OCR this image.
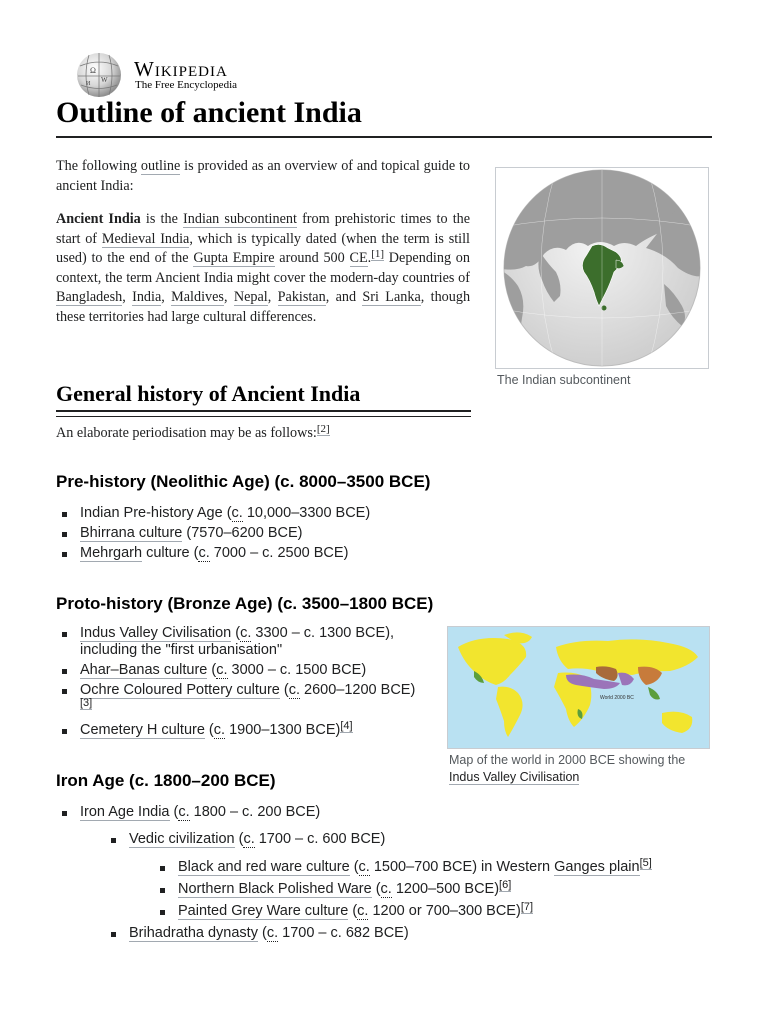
Ω
W
И
Wikipedia
The Free Encyclopedia
Outline of ancient India

The following outline is provided as an overview of and topical guide to ancient India:

Ancient India is the Indian subcontinent from prehistoric times to the start of Medieval India, which is typically dated (when the term is still used) to the end of the Gupta Empire around 500 CE.[1] Depending on context, the term Ancient India might cover the modern-day countries of Bangladesh, India, Maldives, Nepal, Pakistan, and Sri Lanka, though these territories had large cultural differences.

The Indian subcontinent
General history of Ancient India

An elaborate periodisation may be as follows:[2]

Pre-history (Neolithic Age) (c. 8000–3500 BCE)
Indian Pre-history Age (c. 10,000–3300 BCE)
Bhirrana culture (7570–6200 BCE)
Mehrgarh culture (c. 7000 – c. 2500 BCE)
Proto-history (Bronze Age) (c. 3500–1800 BCE)
Indus Valley Civilisation (c. 3300 – c. 1300 BCE), including the "first urbanisation"
Ahar–Banas culture (c. 3000 – c. 1500 BCE)
Ochre Coloured Pottery culture (c. 2600–1200 BCE)[3]
Cemetery H culture (c. 1900–1300 BCE)[4]
World 2000 BC
Map of the world in 2000 BCE showing the Indus Valley Civilisation
Iron Age (c. 1800–200 BCE)
Iron Age India (c. 1800 – c. 200 BCE)
Vedic civilization (c. 1700 – c. 600 BCE)
Black and red ware culture (c. 1500–700 BCE) in Western Ganges plain[5]
Northern Black Polished Ware (c. 1200–500 BCE)[6]
Painted Grey Ware culture (c. 1200 or 700–300 BCE)[7]
Brihadratha dynasty (c. 1700 – c. 682 BCE)
